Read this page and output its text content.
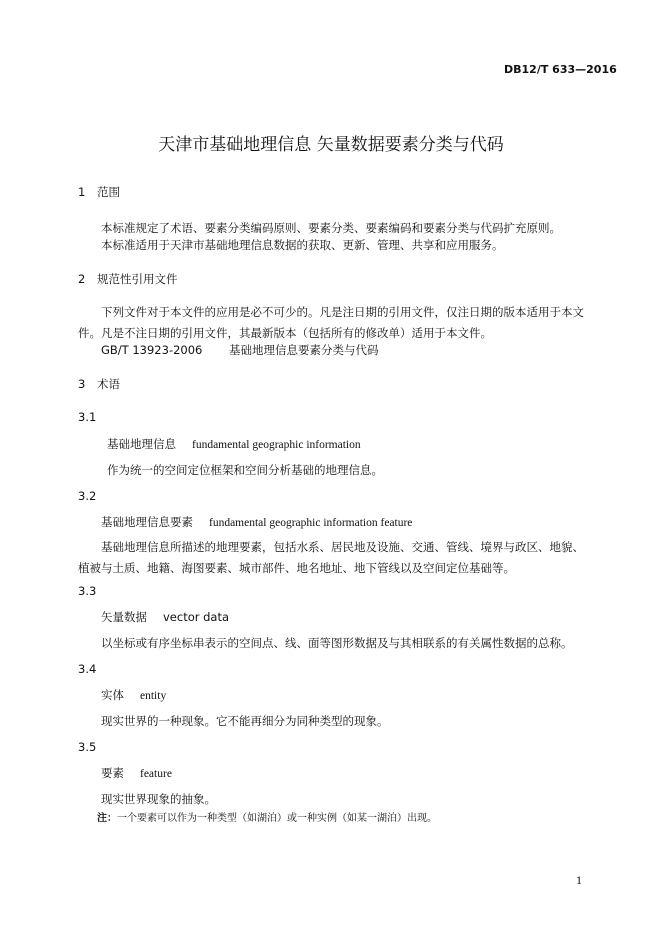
DB12/T 633—2016
天津市基础地理信息 矢量数据要素分类与代码
1 范围
本标准规定了术语、要素分类编码原则、要素分类、要素编码和要素分类与代码扩充原则。
本标准适用于天津市基础地理信息数据的获取、更新、管理、共享和应用服务。
2 规范性引用文件
下列文件对于本文件的应用是必不可少的。凡是注日期的引用文件，仅注日期的版本适用于本文件。凡是不注日期的引用文件，其最新版本（包括所有的修改单）适用于本文件。
GB/T 13923-2006 基础地理信息要素分类与代码
3 术语
3.1
基础地理信息 fundamental geographic information
作为统一的空间定位框架和空间分析基础的地理信息。
3.2
基础地理信息要素 fundamental geographic information feature
基础地理信息所描述的地理要素，包括水系、居民地及设施、交通、管线、境界与政区、地貌、植被与土质、地籍、海图要素、城市部件、地名地址、地下管线以及空间定位基础等。
3.3
矢量数据 vector data
以坐标或有序坐标串表示的空间点、线、面等图形数据及与其相联系的有关属性数据的总称。
3.4
实体 entity
现实世界的一种现象。它不能再细分为同种类型的现象。
3.5
要素 feature
现实世界现象的抽象。
注：一个要素可以作为一种类型（如湖泊）或一种实例（如某一湖泊）出现。
1
